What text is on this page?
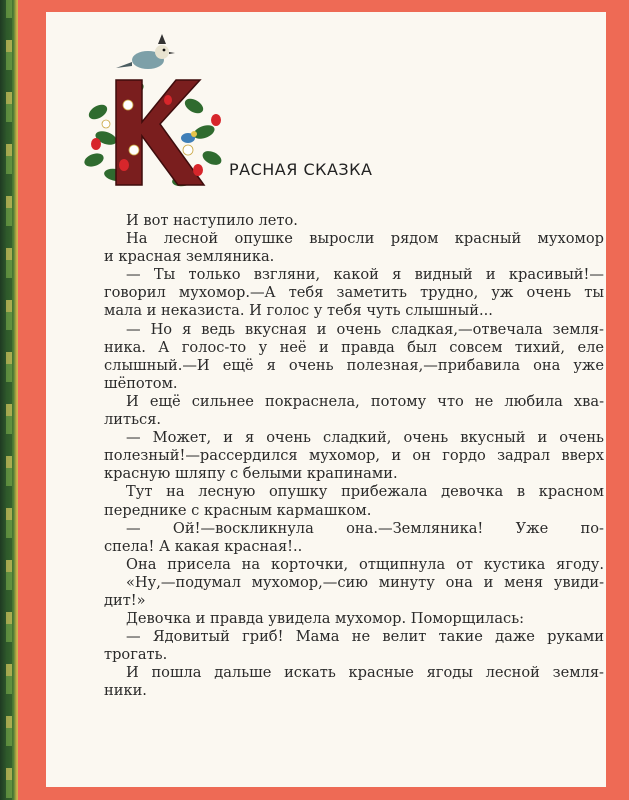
РАСНАЯ СКАЗКА
И вот наступило лето.
На лесной опушке выросли рядом красный мухомор
и красная земляника.
— Ты только взгляни, какой я видный и красивый!—
говорил мухомор.—А тебя заметить трудно, уж очень ты
мала и неказиста. И голос у тебя чуть слышный...
— Но я ведь вкусная и очень сладкая,—отвечала земля-
ника. А голос-то у неё и правда был совсем тихий, еле
слышный.—И ещё я очень полезная,—прибавила она уже
шёпотом.
И ещё сильнее покраснела, потому что не любила хва-
литься.
— Может, и я очень сладкий, очень вкусный и очень
полезный!—рассердился мухомор, и он гордо задрал вверх
красную шляпу с белыми крапинами.
Тут на лесную опушку прибежала девочка в красном
переднике с красным кармашком.
— Ой!—воскликнула она.—Земляника! Уже по-
спела! А какая красная!..
Она присела на корточки, отщипнула от кустика ягоду.
«Ну,—подумал мухомор,—сию минуту она и меня увиди-
дит!»
Девочка и правда увидела мухомор. Поморщилась:
— Ядовитый гриб! Мама не велит такие даже руками
трогать.
И пошла дальше искать красные ягоды лесной земля-
ники.
